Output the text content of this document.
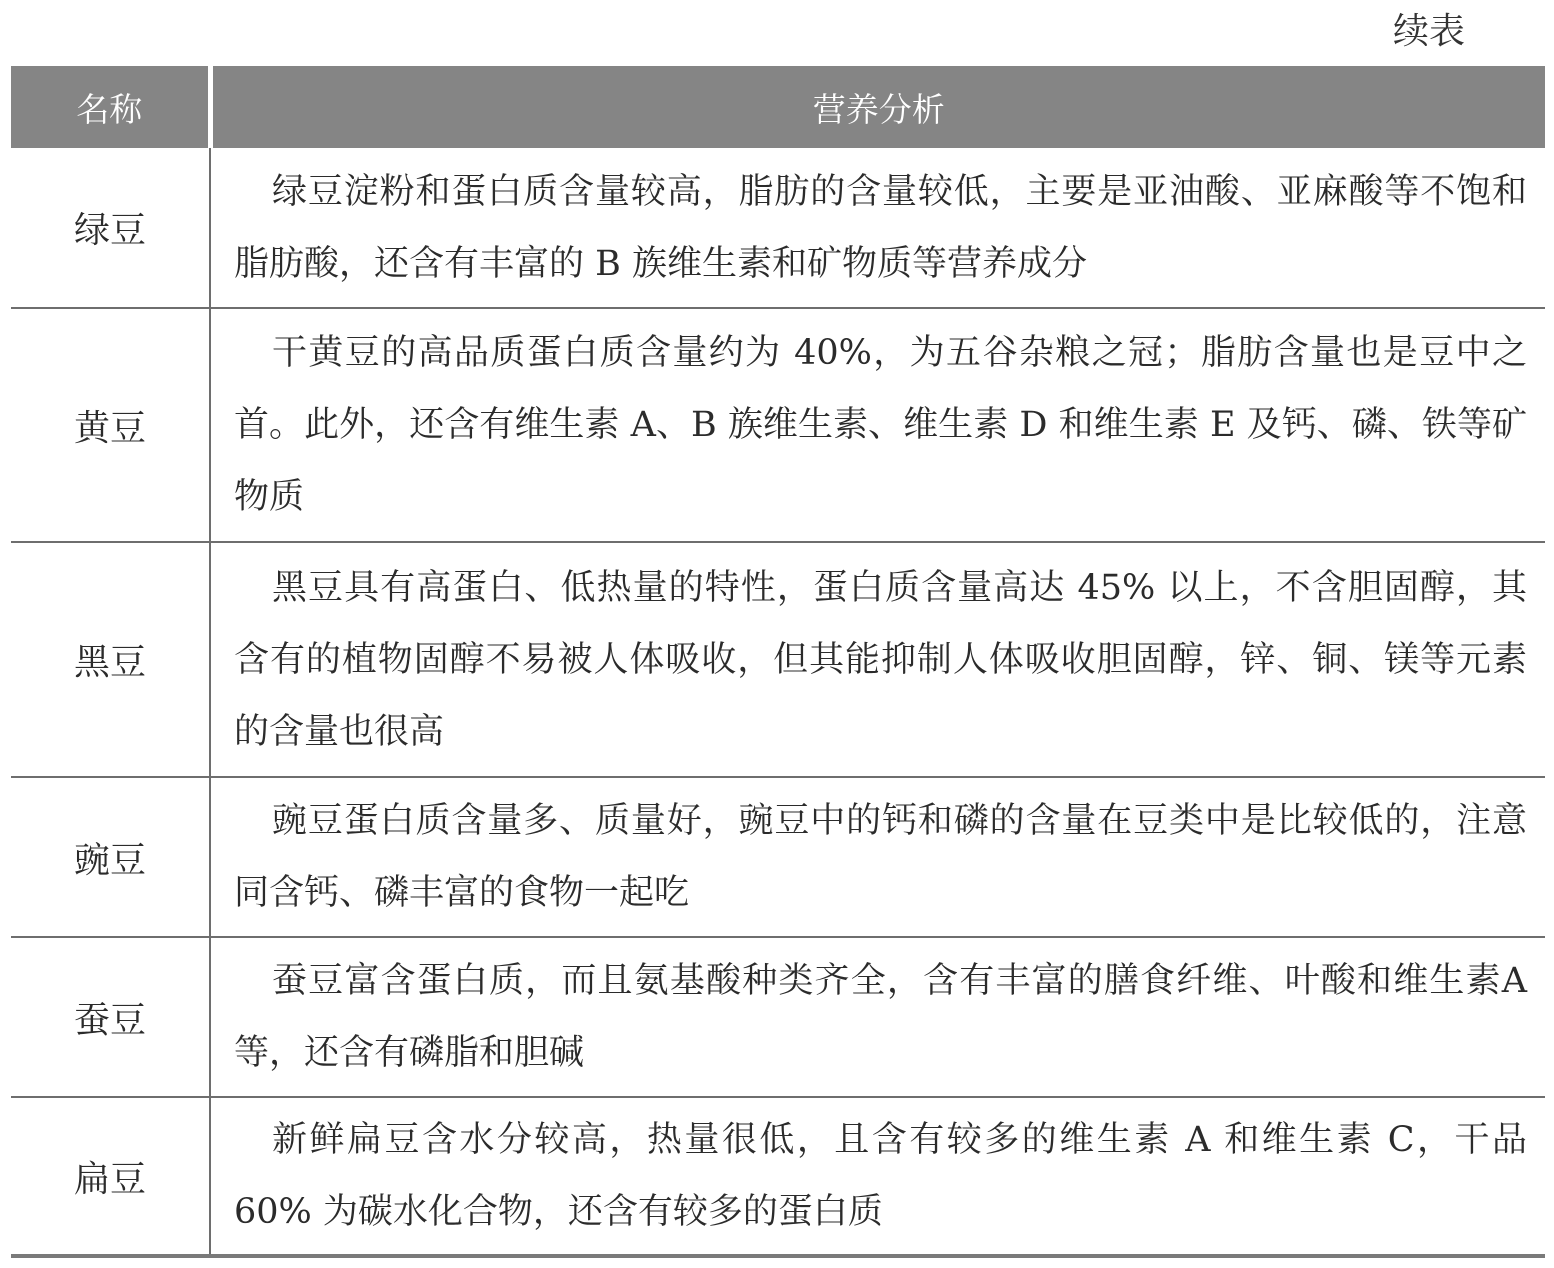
续表
名称	营养分析
绿豆	绿豆淀粉和蛋白质含量较高，脂肪的含量较低，主要是亚油酸、亚麻酸等不饱和脂肪酸，还含有丰富的 B 族维生素和矿物质等营养成分
黄豆	干黄豆的高品质蛋白质含量约为 40%，为五谷杂粮之冠；脂肪含量也是豆中之首。此外，还含有维生素 A、B 族维生素、维生素 D 和维生素 E 及钙、磷、铁等矿物质
黑豆	黑豆具有高蛋白、低热量的特性，蛋白质含量高达 45% 以上，不含胆固醇，其含有的植物固醇不易被人体吸收，但其能抑制人体吸收胆固醇，锌、铜、镁等元素的含量也很高
豌豆	豌豆蛋白质含量多、质量好，豌豆中的钙和磷的含量在豆类中是比较低的，注意同含钙、磷丰富的食物一起吃
蚕豆	蚕豆富含蛋白质，而且氨基酸种类齐全，含有丰富的膳食纤维、叶酸和维生素A等，还含有磷脂和胆碱
扁豆	新鲜扁豆含水分较高，热量很低，且含有较多的维生素 A 和维生素 C，干品 60% 为碳水化合物，还含有较多的蛋白质
